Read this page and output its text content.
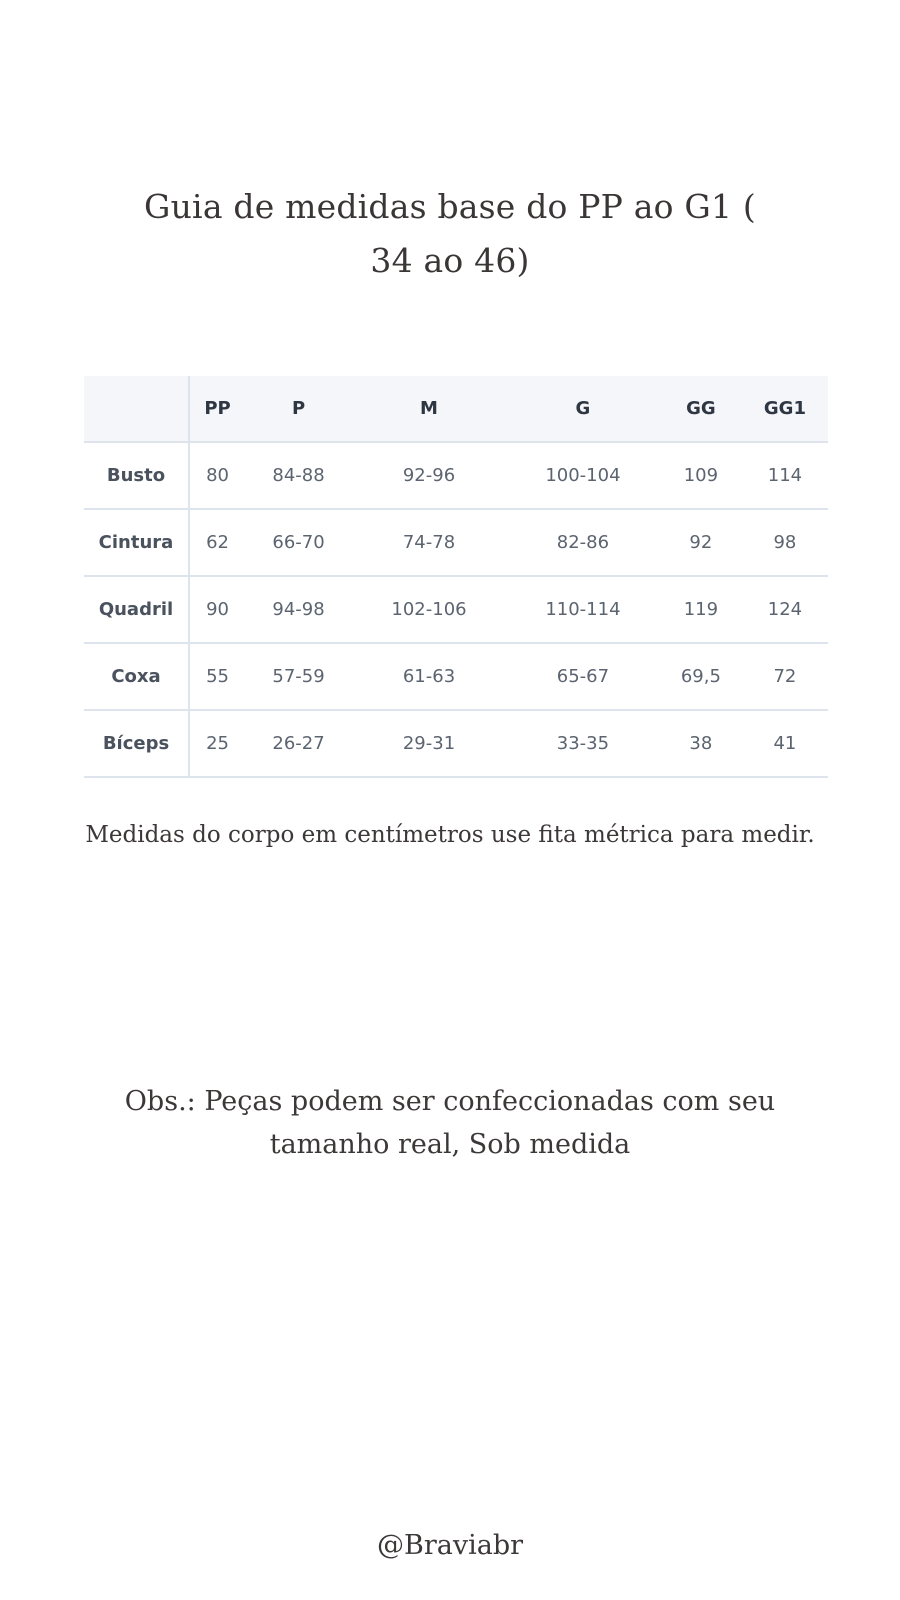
Guia de medidas base do PP ao G1 ( 34 ao 46)
	PP	P	M	G	GG	GG1
Busto	80	84-88	92-96	100-104	109	114
Cintura	62	66-70	74-78	82-86	92	98
Quadril	90	94-98	102-106	110-114	119	124
Coxa	55	57-59	61-63	65-67	69,5	72
Bíceps	25	26-27	29-31	33-35	38	41
Medidas do corpo em centímetros use fita métrica para medir.
Obs.: Peças podem ser confeccionadas com seu tamanho real, Sob medida
@Braviabr
